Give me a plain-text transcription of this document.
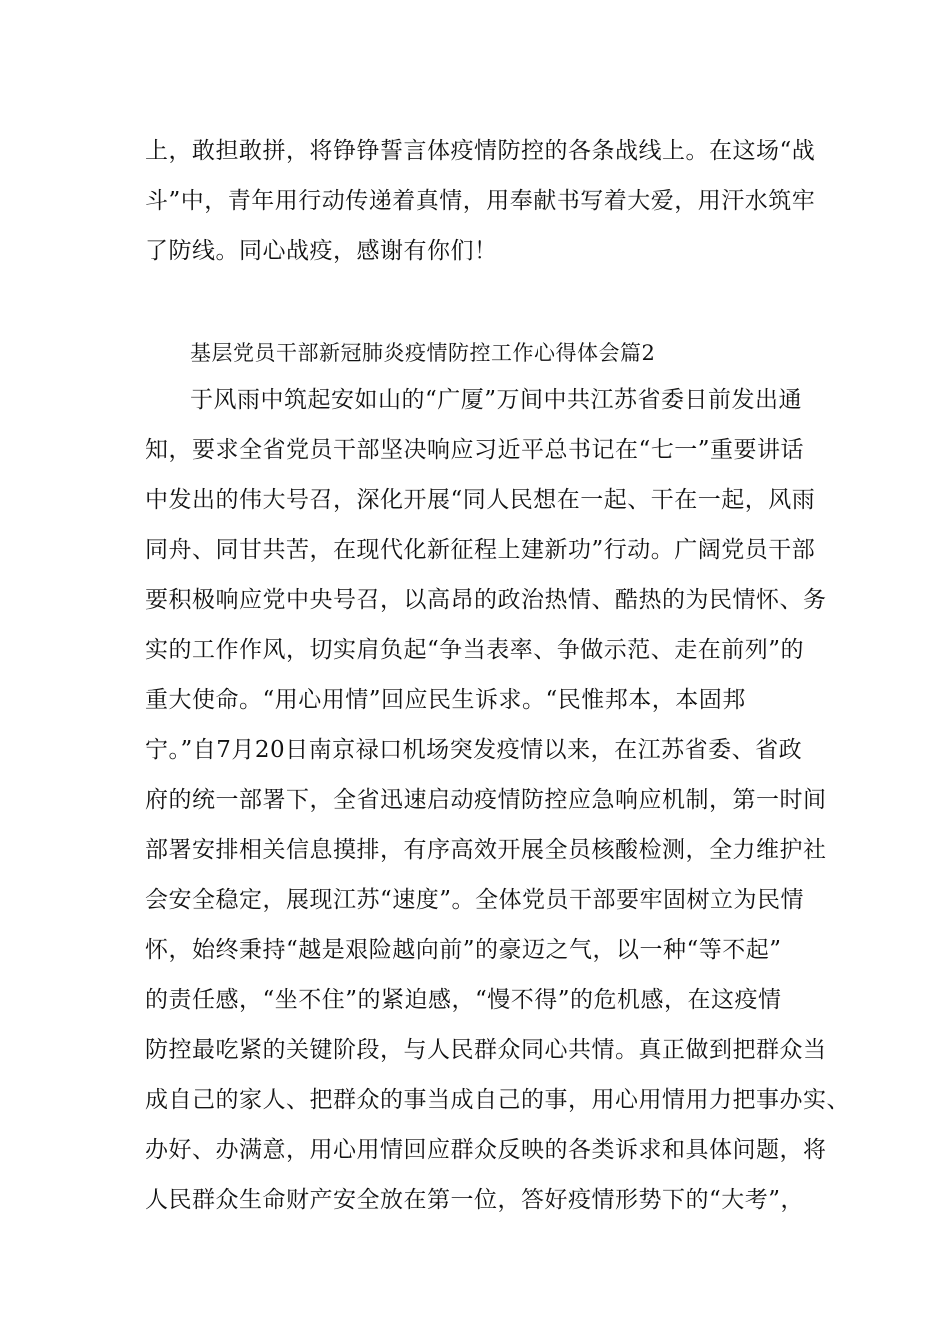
上，敢担敢拼，将铮铮誓言体疫情防控的各条战线上。在这场“战
斗”中，青年用行动传递着真情，用奉献书写着大爱，用汗水筑牢
了防线。同心战疫，感谢有你们！
基层党员干部新冠肺炎疫情防控工作心得体会篇2
于风雨中筑起安如山的“广厦”万间中共江苏省委日前发出通
知，要求全省党员干部坚决响应习近平总书记在“七一”重要讲话
中发出的伟大号召，深化开展“同人民想在一起、干在一起，风雨
同舟、同甘共苦，在现代化新征程上建新功”行动。广阔党员干部
要积极响应党中央号召，以高昂的政治热情、酷热的为民情怀、务
实的工作作风，切实肩负起“争当表率、争做示范、走在前列”的
重大使命。“用心用情”回应民生诉求。“民惟邦本，本固邦
宁。”自7月20日南京禄口机场突发疫情以来，在江苏省委、省政
府的统一部署下，全省迅速启动疫情防控应急响应机制，第一时间
部署安排相关信息摸排，有序高效开展全员核酸检测，全力维护社
会安全稳定，展现江苏“速度”。全体党员干部要牢固树立为民情
怀，始终秉持“越是艰险越向前”的豪迈之气，以一种“等不起”
的责任感，“坐不住”的紧迫感，“慢不得”的危机感，在这疫情
防控最吃紧的关键阶段，与人民群众同心共情。真正做到把群众当
成自己的家人、把群众的事当成自己的事，用心用情用力把事办实、
办好、办满意，用心用情回应群众反映的各类诉求和具体问题，将
人民群众生命财产安全放在第一位，答好疫情形势下的“大考”，
